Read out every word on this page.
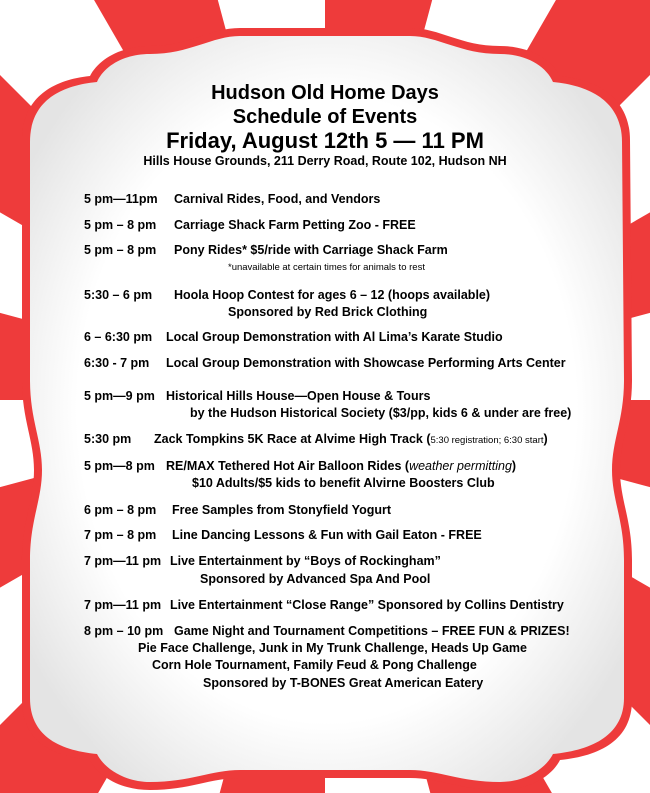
Hudson Old Home Days
Schedule of Events
Friday, August 12th 5 — 11 PM
Hills House Grounds, 211 Derry Road, Route 102, Hudson NH
5 pm—11pm Carnival Rides, Food, and Vendors
5 pm – 8 pm Carriage Shack Farm Petting Zoo - FREE
5 pm – 8 pm Pony Rides* $5/ride with Carriage Shack Farm
*unavailable at certain times for animals to rest
5:30 – 6 pm Hoola Hoop Contest for ages 6 – 12 (hoops available)
Sponsored by Red Brick Clothing
6 – 6:30 pm Local Group Demonstration with Al Lima’s Karate Studio
6:30 - 7 pm Local Group Demonstration with Showcase Performing Arts Center
5 pm—9 pm Historical Hills House—Open House & Tours
by the Hudson Historical Society ($3/pp, kids 6 & under are free)
5:30 pm Zack Tompkins 5K Race at Alvime High Track (5:30 registration; 6:30 start)
5 pm—8 pm RE/MAX Tethered Hot Air Balloon Rides (weather permitting)
$10 Adults/$5 kids to benefit Alvirne Boosters Club
6 pm – 8 pm Free Samples from Stonyfield Yogurt
7 pm – 8 pm Line Dancing Lessons & Fun with Gail Eaton - FREE
7 pm—11 pm Live Entertainment by “Boys of Rockingham”
Sponsored by Advanced Spa And Pool
7 pm—11 pm Live Entertainment “Close Range” Sponsored by Collins Dentistry
8 pm – 10 pm Game Night and Tournament Competitions – FREE FUN & PRIZES!
Pie Face Challenge, Junk in My Trunk Challenge, Heads Up Game
Corn Hole Tournament, Family Feud & Pong Challenge
Sponsored by T-BONES Great American Eatery
